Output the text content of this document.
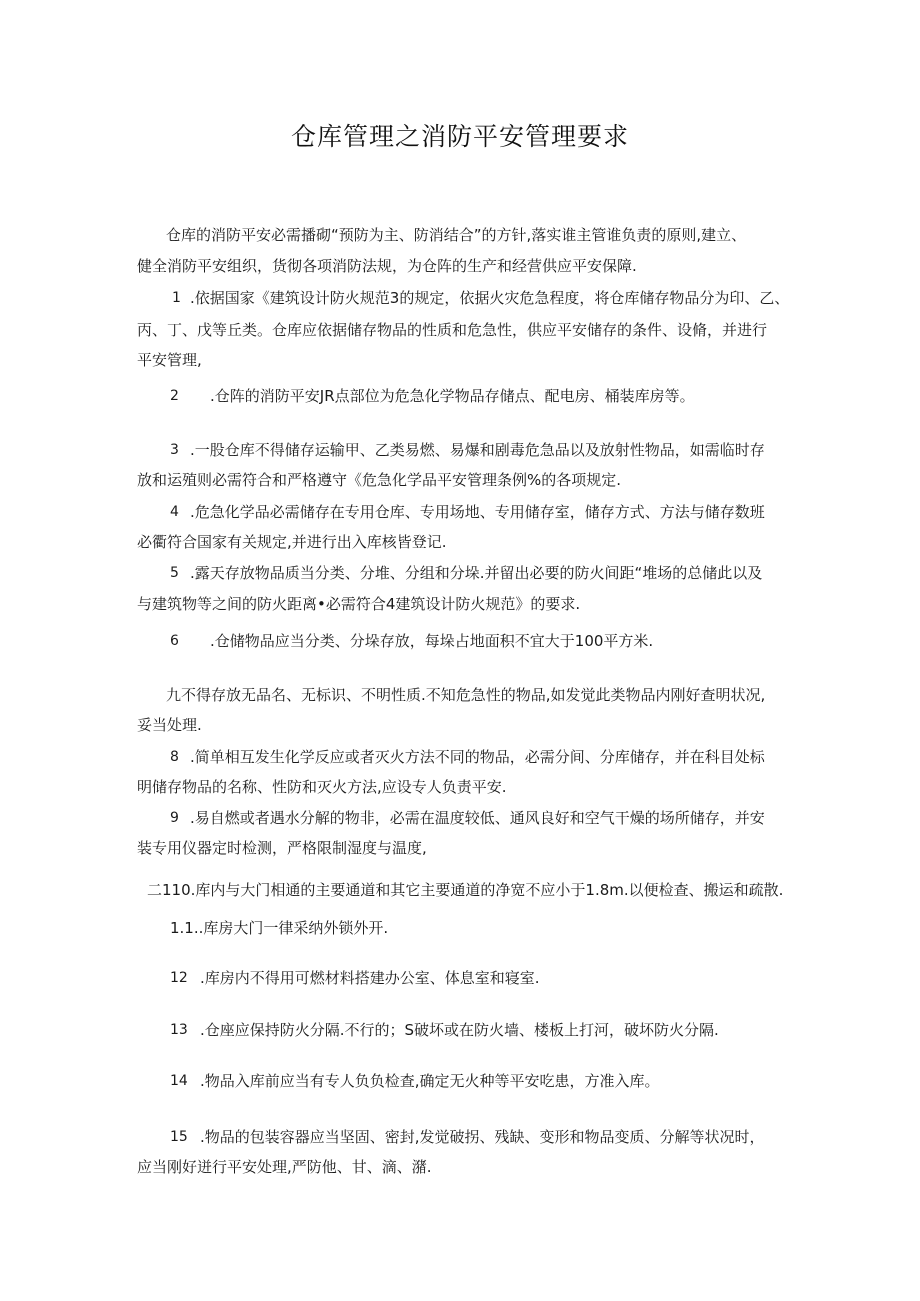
仓库管理之消防平安管理要求
仓库的消防平安必需播砌“预防为主、防消结合”的方针,落实谁主管谁负责的原则,建立、
健全消防平安组织，货彻各项消防法规，为仓阵的生产和经营供应平安保障.
1 .依据国家《建筑设计防火规范3的规定，依据火灾危急程度，将仓库储存物品分为印、乙、
丙、丁、戊等丘类。仓库应依据储存物品的性质和危急性，供应平安储存的条件、设脩，并进行
平安管理,
2 .仓阵的消防平安JR点部位为危急化学物品存储点、配电房、桶装库房等。
3 .一股仓库不得储存运输甲、乙类易燃、易爆和剧毒危急品以及放射性物品，如需临时存
放和运殖则必需符合和严格遵守《危急化学品平安管理条例%的各项规定.
4 .危急化学品必需储存在专用仓库、专用场地、专用储存室，储存方式、方法与储存数班
必衢符合国家有关规定,并进行出入库核皆登记.
5 .露天存放物品质当分类、分堆、分组和分垛.并留出必要的防火间距“堆场的总储此以及
与建筑物等之间的防火距离•必需符合4建筑设计防火规范》的要求.
6 .仓储物品应当分类、分垛存放，每垛占地面积不宜大于100平方米.
九不得存放无品名、无标识、不明性质.不知危急性的物品,如发觉此类物品内刚好查明状况,
妥当处理.
8 .简单相互发生化学反应或者灭火方法不同的物品，必需分间、分库储存，并在科目处标
明储存物品的名称、性防和灭火方法,应设专人负责平安.
9 .易自燃或者遇水分解的物非，必需在温度较低、通风良好和空气干燥的场所储存，并安
装专用仪器定时检测，严格限制湿度与温度,
二110.库内与大门相通的主要通道和其它主要通道的净宽不应小于1.8m.以便检查、搬运和疏散.
1.1..库房大门一律采纳外锁外开.
12 .库房内不得用可燃材料搭建办公室、体息室和寝室.
13 .仓座应保持防火分隔.不行的；S破坏或在防火墙、楼板上打河，破坏防火分隔.
14 .物品入库前应当有专人负负检查,确定无火种等平安吃患，方准入库。
15 .物品的包装容器应当坚固、密封,发觉破拐、残缺、变形和物品变质、分解等状况时，
应当刚好迸行平安处理,严防他、甘、滴、潴.
